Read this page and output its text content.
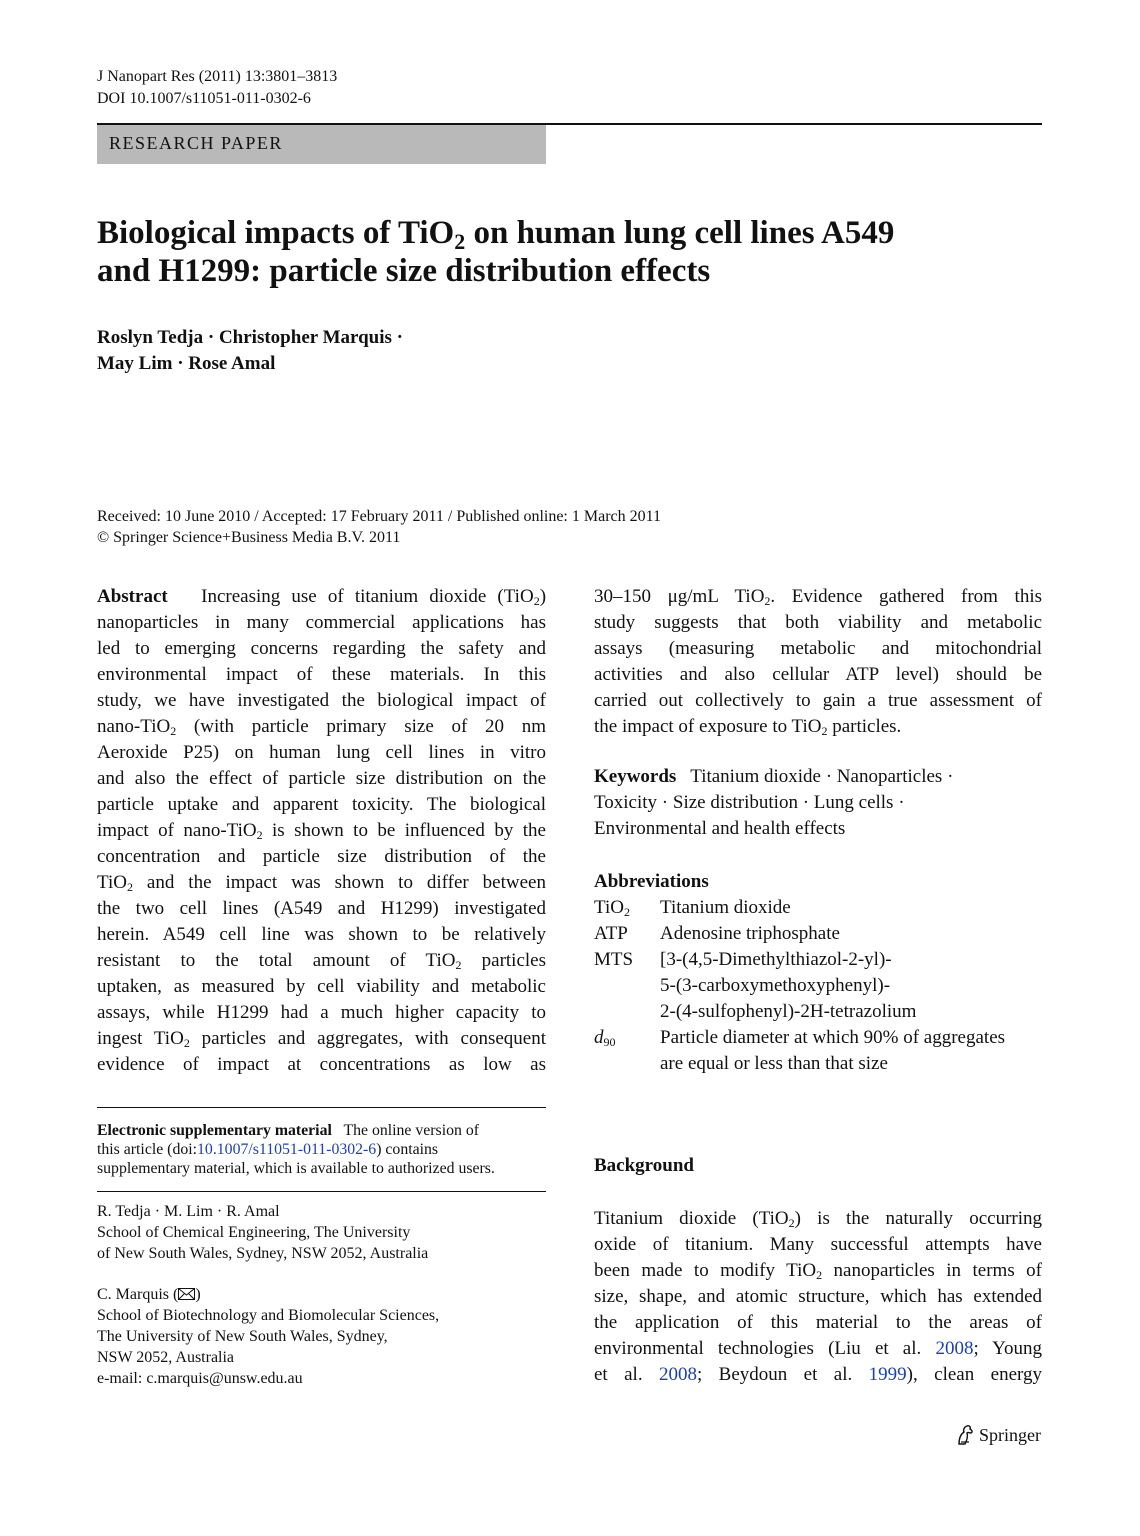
J Nanopart Res (2011) 13:3801–3813
DOI 10.1007/s11051-011-0302-6
RESEARCH PAPER
Biological impacts of TiO$_2$ on human lung cell lines A549
and H1299: particle size distribution effects
Roslyn Tedja · Christopher Marquis ·
May Lim · Rose Amal
Received: 10 June 2010 / Accepted: 17 February 2011 / Published online: 1 March 2011
© Springer Science+Business Media B.V. 2011
Abstract Increasing use of titanium dioxide (TiO$_2$)
nanoparticles in many commercial applications has
led to emerging concerns regarding the safety and
environmental impact of these materials. In this
study, we have investigated the biological impact of
nano-TiO$_2$ (with particle primary size of 20 nm
Aeroxide P25) on human lung cell lines in vitro
and also the effect of particle size distribution on the
particle uptake and apparent toxicity. The biological
impact of nano-TiO$_2$ is shown to be influenced by the
concentration and particle size distribution of the
TiO$_2$ and the impact was shown to differ between
the two cell lines (A549 and H1299) investigated
herein. A549 cell line was shown to be relatively
resistant to the total amount of TiO$_2$ particles
uptaken, as measured by cell viability and metabolic
assays, while H1299 had a much higher capacity to
ingest TiO$_2$ particles and aggregates, with consequent
evidence of impact at concentrations as low as
30–150 μg/mL TiO$_2$. Evidence gathered from this
study suggests that both viability and metabolic
assays (measuring metabolic and mitochondrial
activities and also cellular ATP level) should be
carried out collectively to gain a true assessment of
the impact of exposure to TiO$_2$ particles.
Keywords Titanium dioxide · Nanoparticles ·
Toxicity · Size distribution · Lung cells ·
Environmental and health effects
Abbreviations
TiO$_2$	Titanium dioxide
ATP	Adenosine triphosphate
MTS	[3-(4,5-Dimethylthiazol-2-yl)-
5-(3-carboxymethoxyphenyl)-
2-(4-sulfophenyl)-2H-tetrazolium
$d_{90}$	Particle diameter at which 90% of aggregates
are equal or less than that size
Electronic supplementary material The online version of
this article (doi:10.1007/s11051-011-0302-6) contains
supplementary material, which is available to authorized users.
R. Tedja · M. Lim · R. Amal
School of Chemical Engineering, The University
of New South Wales, Sydney, NSW 2052, Australia
C. Marquis ( )
School of Biotechnology and Biomolecular Sciences,
The University of New South Wales, Sydney,
NSW 2052, Australia
e-mail: c.marquis@unsw.edu.au
Background
Titanium dioxide (TiO$_2$) is the naturally occurring
oxide of titanium. Many successful attempts have
been made to modify TiO$_2$ nanoparticles in terms of
size, shape, and atomic structure, which has extended
the application of this material to the areas of
environmental technologies (Liu et al. 2008; Young
et al. 2008; Beydoun et al. 1999), clean energy
Springer
